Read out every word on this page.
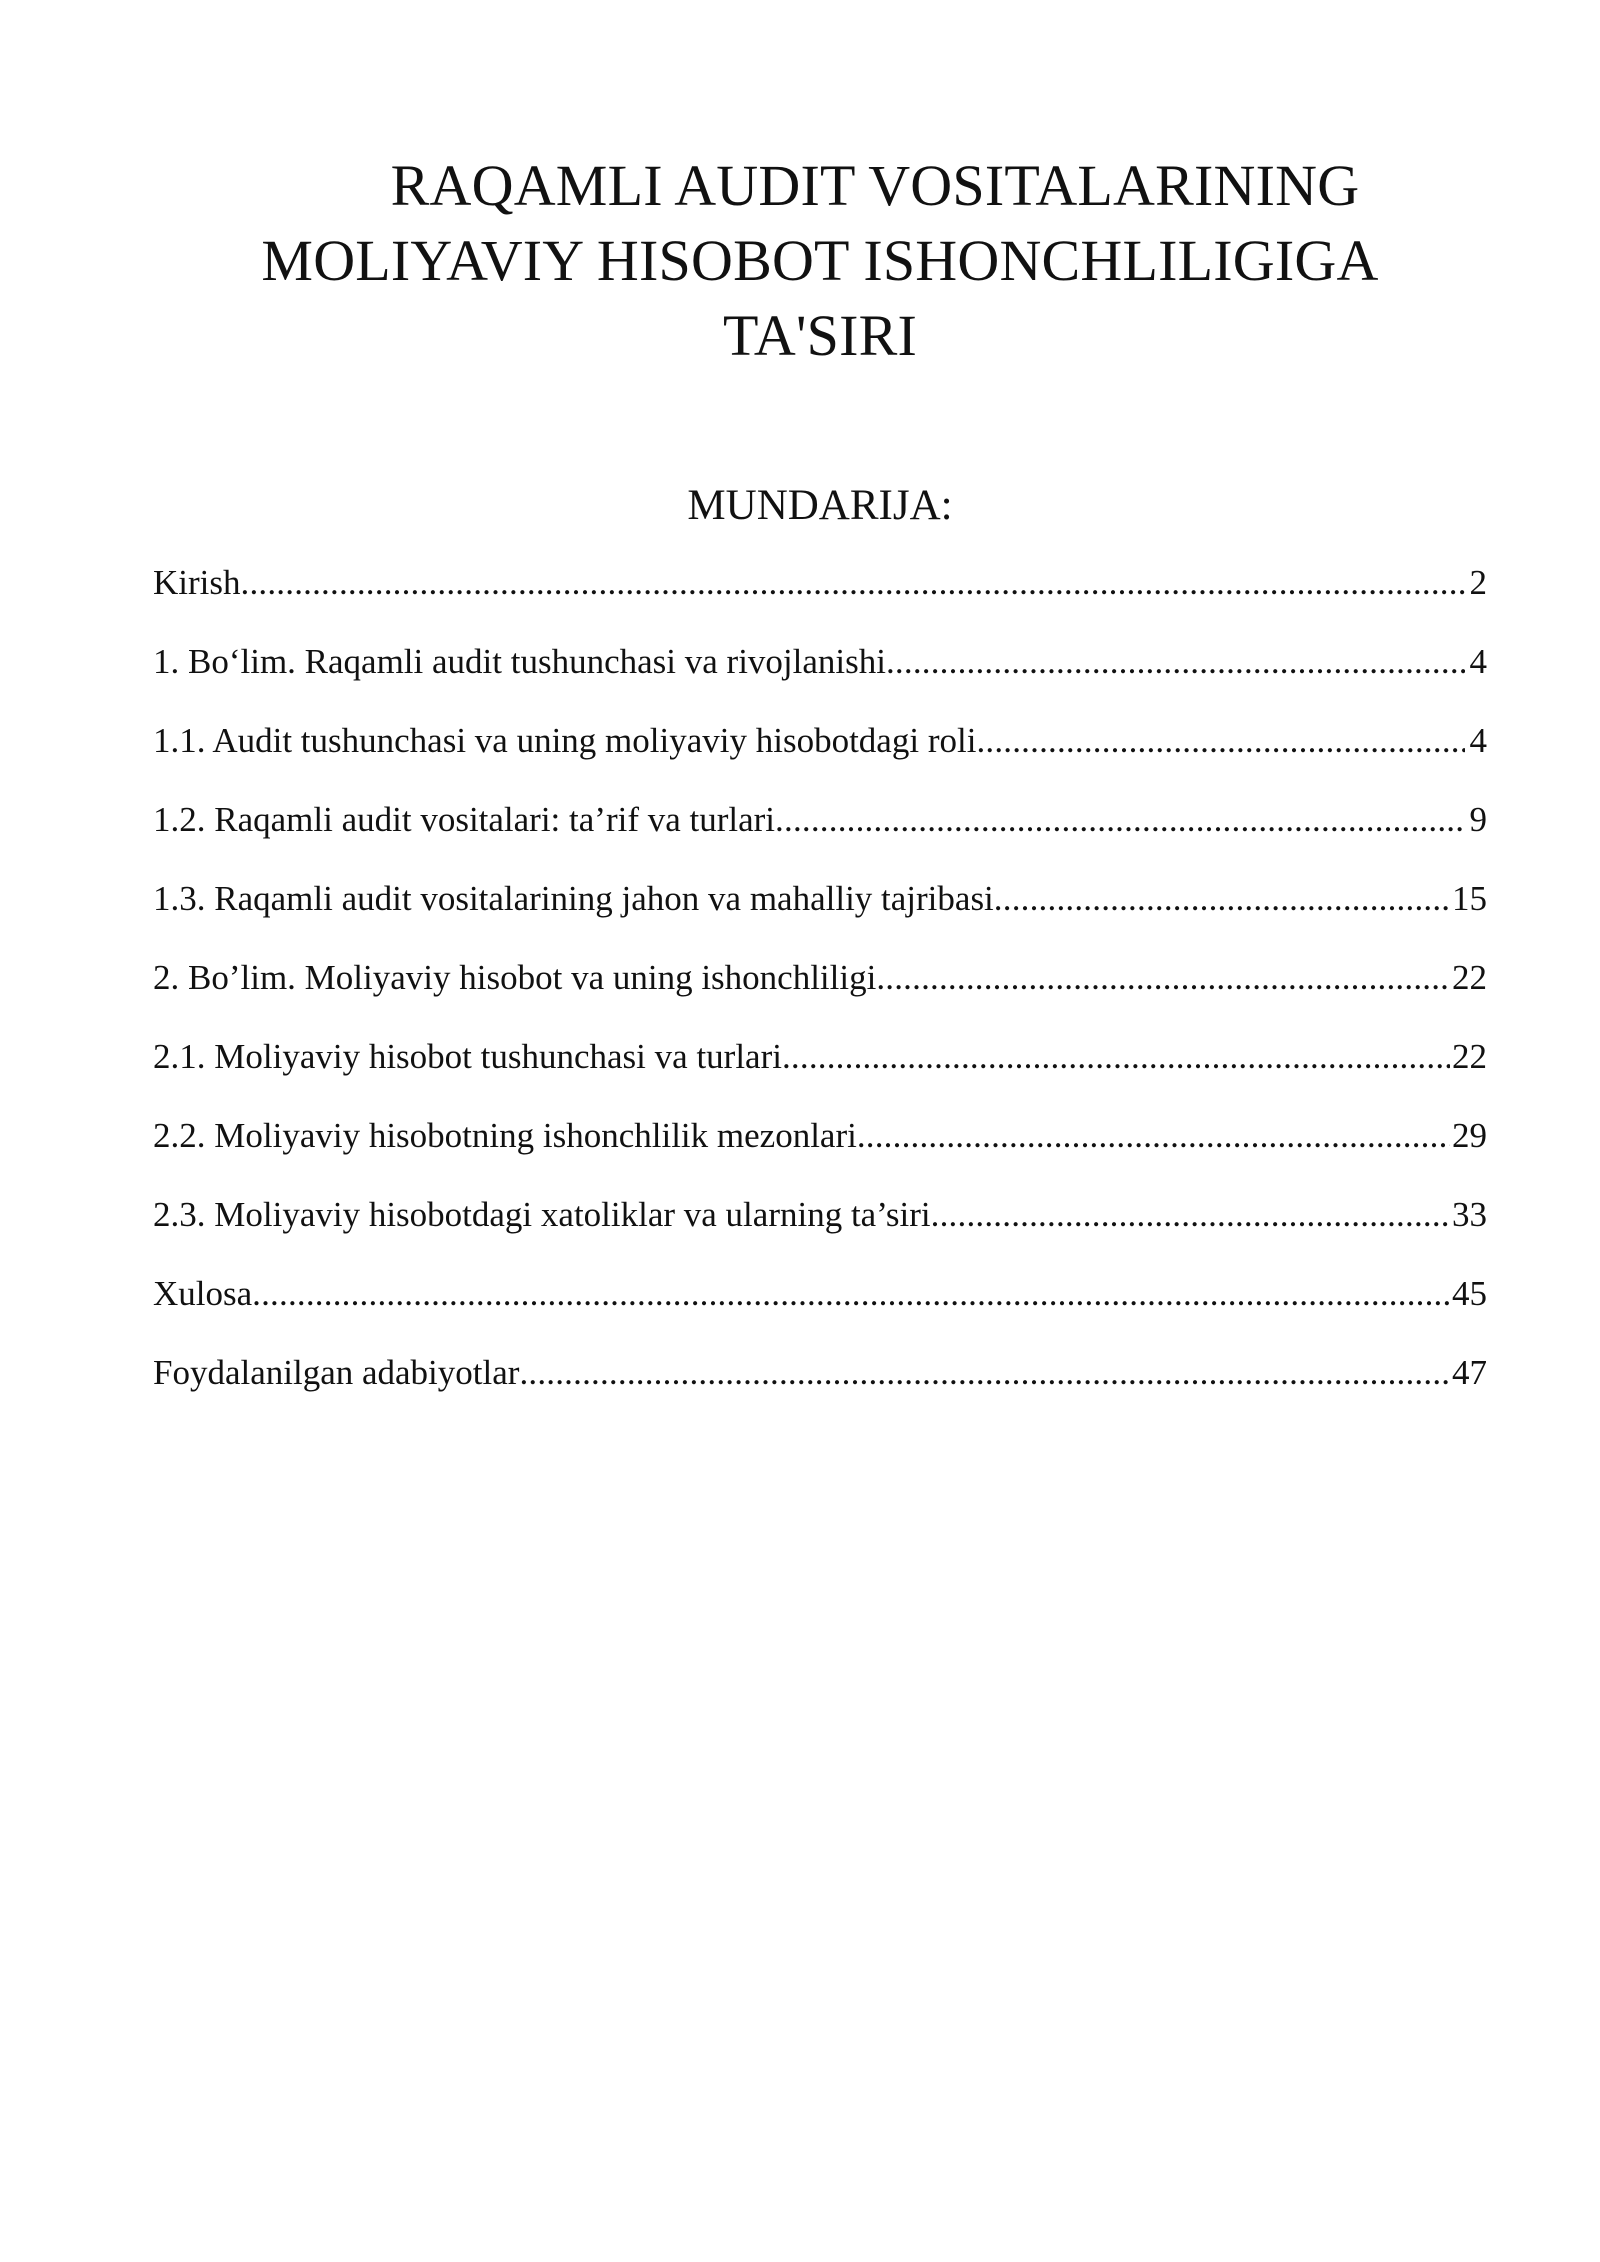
RAQAMLI AUDIT VOSITALARINING
MOLIYAVIY HISOBOT ISHONCHLILIGIGA
TA'SIRI
MUNDARIJA:
Kirish .....	2
1. Bo‘lim. Raqamli audit tushunchasi va rivojlanishi .....	4
1.1. Audit tushunchasi va uning moliyaviy hisobotdagi roli .....	4
1.2. Raqamli audit vositalari: ta’rif va turlari .....	9
1.3. Raqamli audit vositalarining jahon va mahalliy tajribasi .....	15
2. Bo’lim. Moliyaviy hisobot va uning ishonchliligi .....	22
2.1. Moliyaviy hisobot tushunchasi va turlari .....	22
2.2. Moliyaviy hisobotning ishonchlilik mezonlari .....	29
2.3. Moliyaviy hisobotdagi xatoliklar va ularning ta’siri .....	33
Xulosa .....	45
Foydalanilgan adabiyotlar .....	47
